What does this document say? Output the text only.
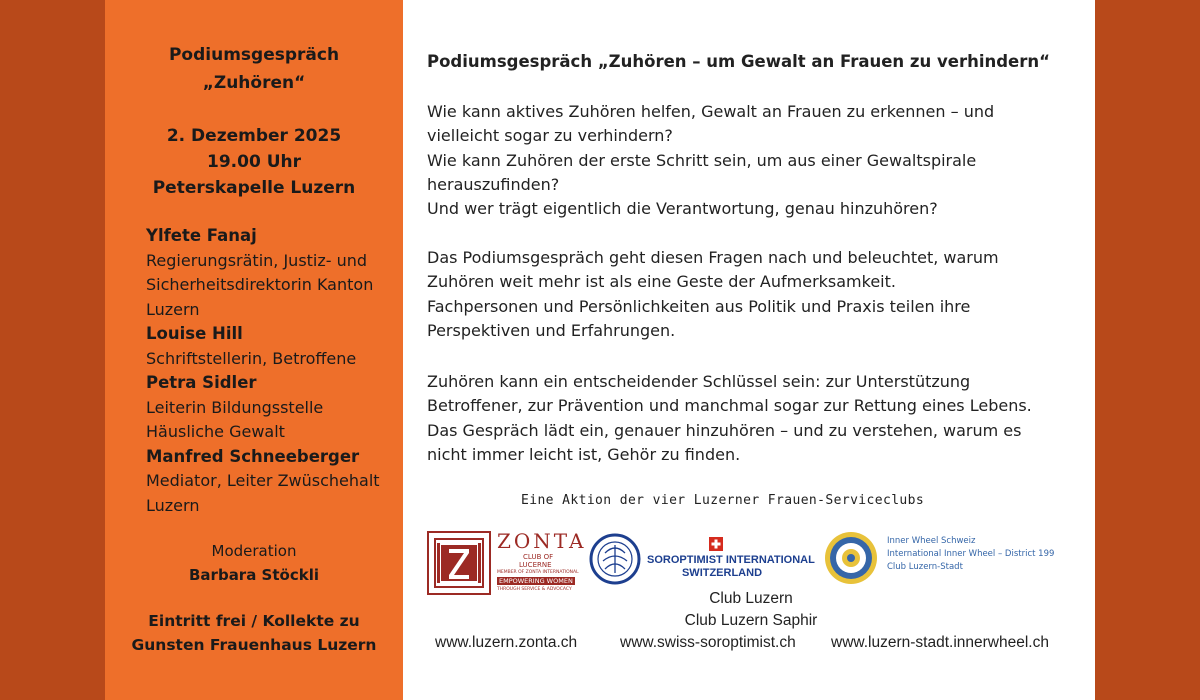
Podiumsgespräch
„Zuhören“
2. Dezember 2025
19.00 Uhr
Peterskapelle Luzern
Ylfete Fanaj
Regierungsrätin, Justiz- und
Sicherheitsdirektorin Kanton
Luzern
Louise Hill
Schriftstellerin, Betroffene
Petra Sidler
Leiterin Bildungsstelle
Häusliche Gewalt
Manfred Schneeberger
Mediator, Leiter Zwüschehalt
Luzern
Moderation
Barbara Stöckli
Eintritt frei / Kollekte zu
Gunsten Frauenhaus Luzern
Podiumsgespräch „Zuhören – um Gewalt an Frauen zu verhindern“
Wie kann aktives Zuhören helfen, Gewalt an Frauen zu erkennen – und
vielleicht sogar zu verhindern?
Wie kann Zuhören der erste Schritt sein, um aus einer Gewaltspirale
herauszufinden?
Und wer trägt eigentlich die Verantwortung, genau hinzuhören?
Das Podiumsgespräch geht diesen Fragen nach und beleuchtet, warum
Zuhören weit mehr ist als eine Geste der Aufmerksamkeit.
Fachpersonen und Persönlichkeiten aus Politik und Praxis teilen ihre
Perspektiven und Erfahrungen.
Zuhören kann ein entscheidender Schlüssel sein: zur Unterstützung
Betroffener, zur Prävention und manchmal sogar zur Rettung eines Lebens.
Das Gespräch lädt ein, genauer hinzuhören – und zu verstehen, warum es
nicht immer leicht ist, Gehör zu finden.
Eine Aktion der vier Luzerner Frauen-Serviceclubs
ZONTA
CLUB OF
LUCERNE
MEMBER OF ZONTA INTERNATIONAL
EMPOWERING WOMEN
THROUGH SERVICE & ADVOCACY
SOROPTIMIST INTERNATIONAL
SWITZERLAND
Inner Wheel Schweiz
International Inner Wheel – District 199
Club Luzern-Stadt
Club Luzern
Club Luzern Saphir
www.luzern.zonta.ch	www.swiss-soroptimist.ch www.luzern-stadt.innerwheel.ch
